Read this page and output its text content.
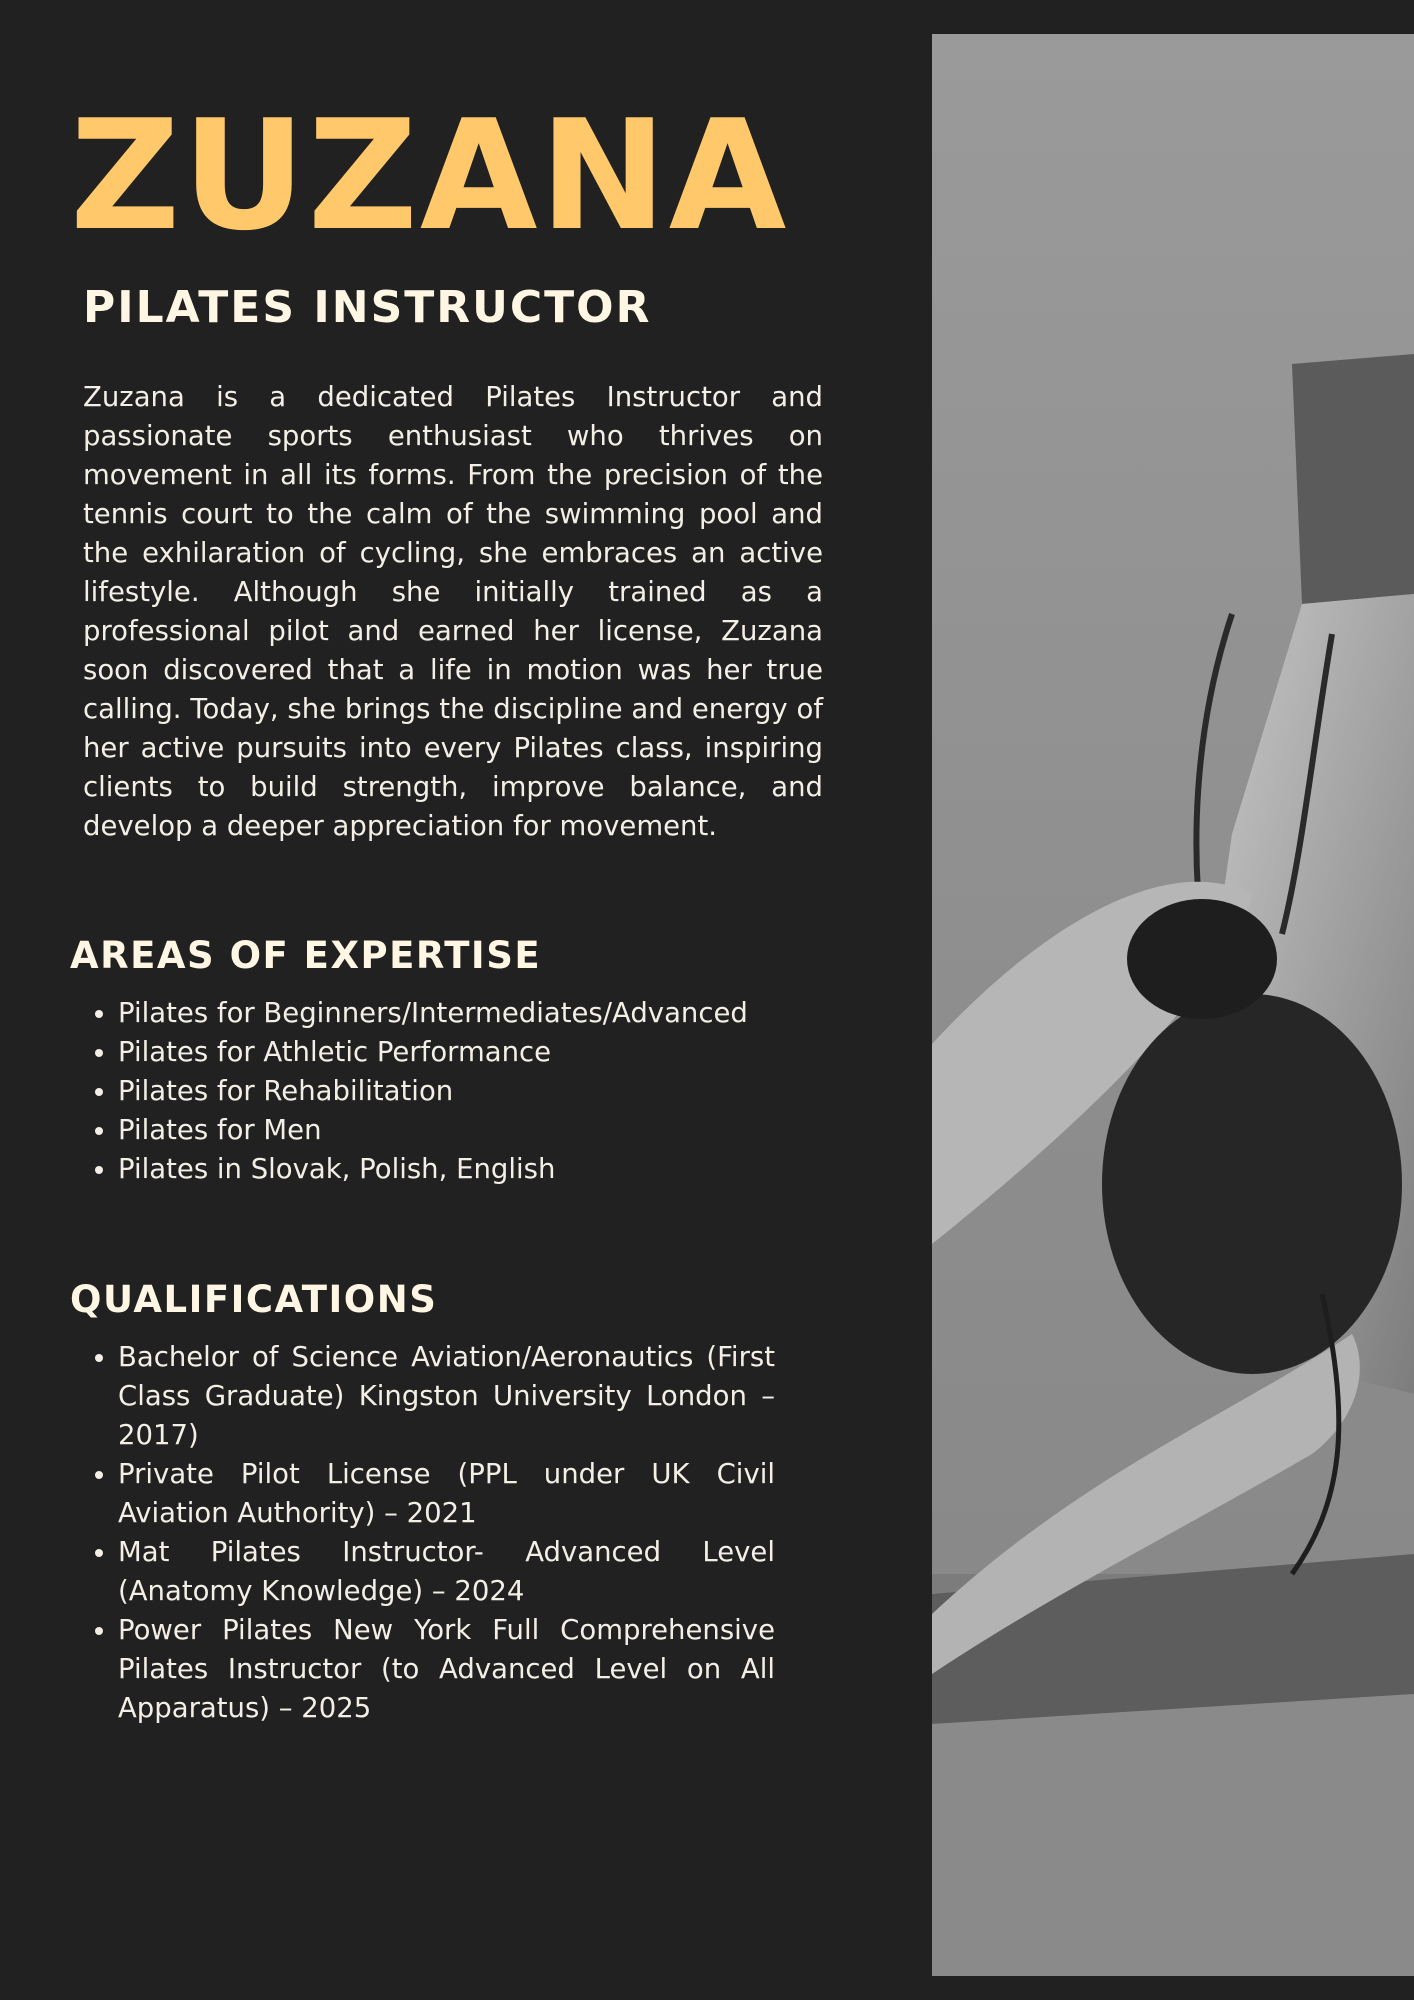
ZUZANA
PILATES INSTRUCTOR

Zuzana is a dedicated Pilates Instructor and passionate sports enthusiast who thrives on movement in all its forms. From the precision of the tennis court to the calm of the swimming pool and the exhilaration of cycling, she embraces an active lifestyle. Although she initially trained as a professional pilot and earned her license, Zuzana soon discovered that a life in motion was her true calling. Today, she brings the discipline and energy of her active pursuits into every Pilates class, inspiring clients to build strength, improve balance, and develop a deeper appreciation for movement.

AREAS OF EXPERTISE
• Pilates for Beginners/Intermediates/Advanced
• Pilates for Athletic Performance
• Pilates for Rehabilitation
• Pilates for Men
• Pilates in Slovak, Polish, English
QUALIFICATIONS
• Bachelor of Science Aviation/Aeronautics (First Class Graduate) Kingston University London – 2017)
• Private Pilot License (PPL under UK Civil Aviation Authority) – 2021
• Mat Pilates Instructor- Advanced Level (Anatomy Knowledge) – 2024
• Power Pilates New York Full Comprehensive Pilates Instructor (to Advanced Level on All Apparatus) – 2025
